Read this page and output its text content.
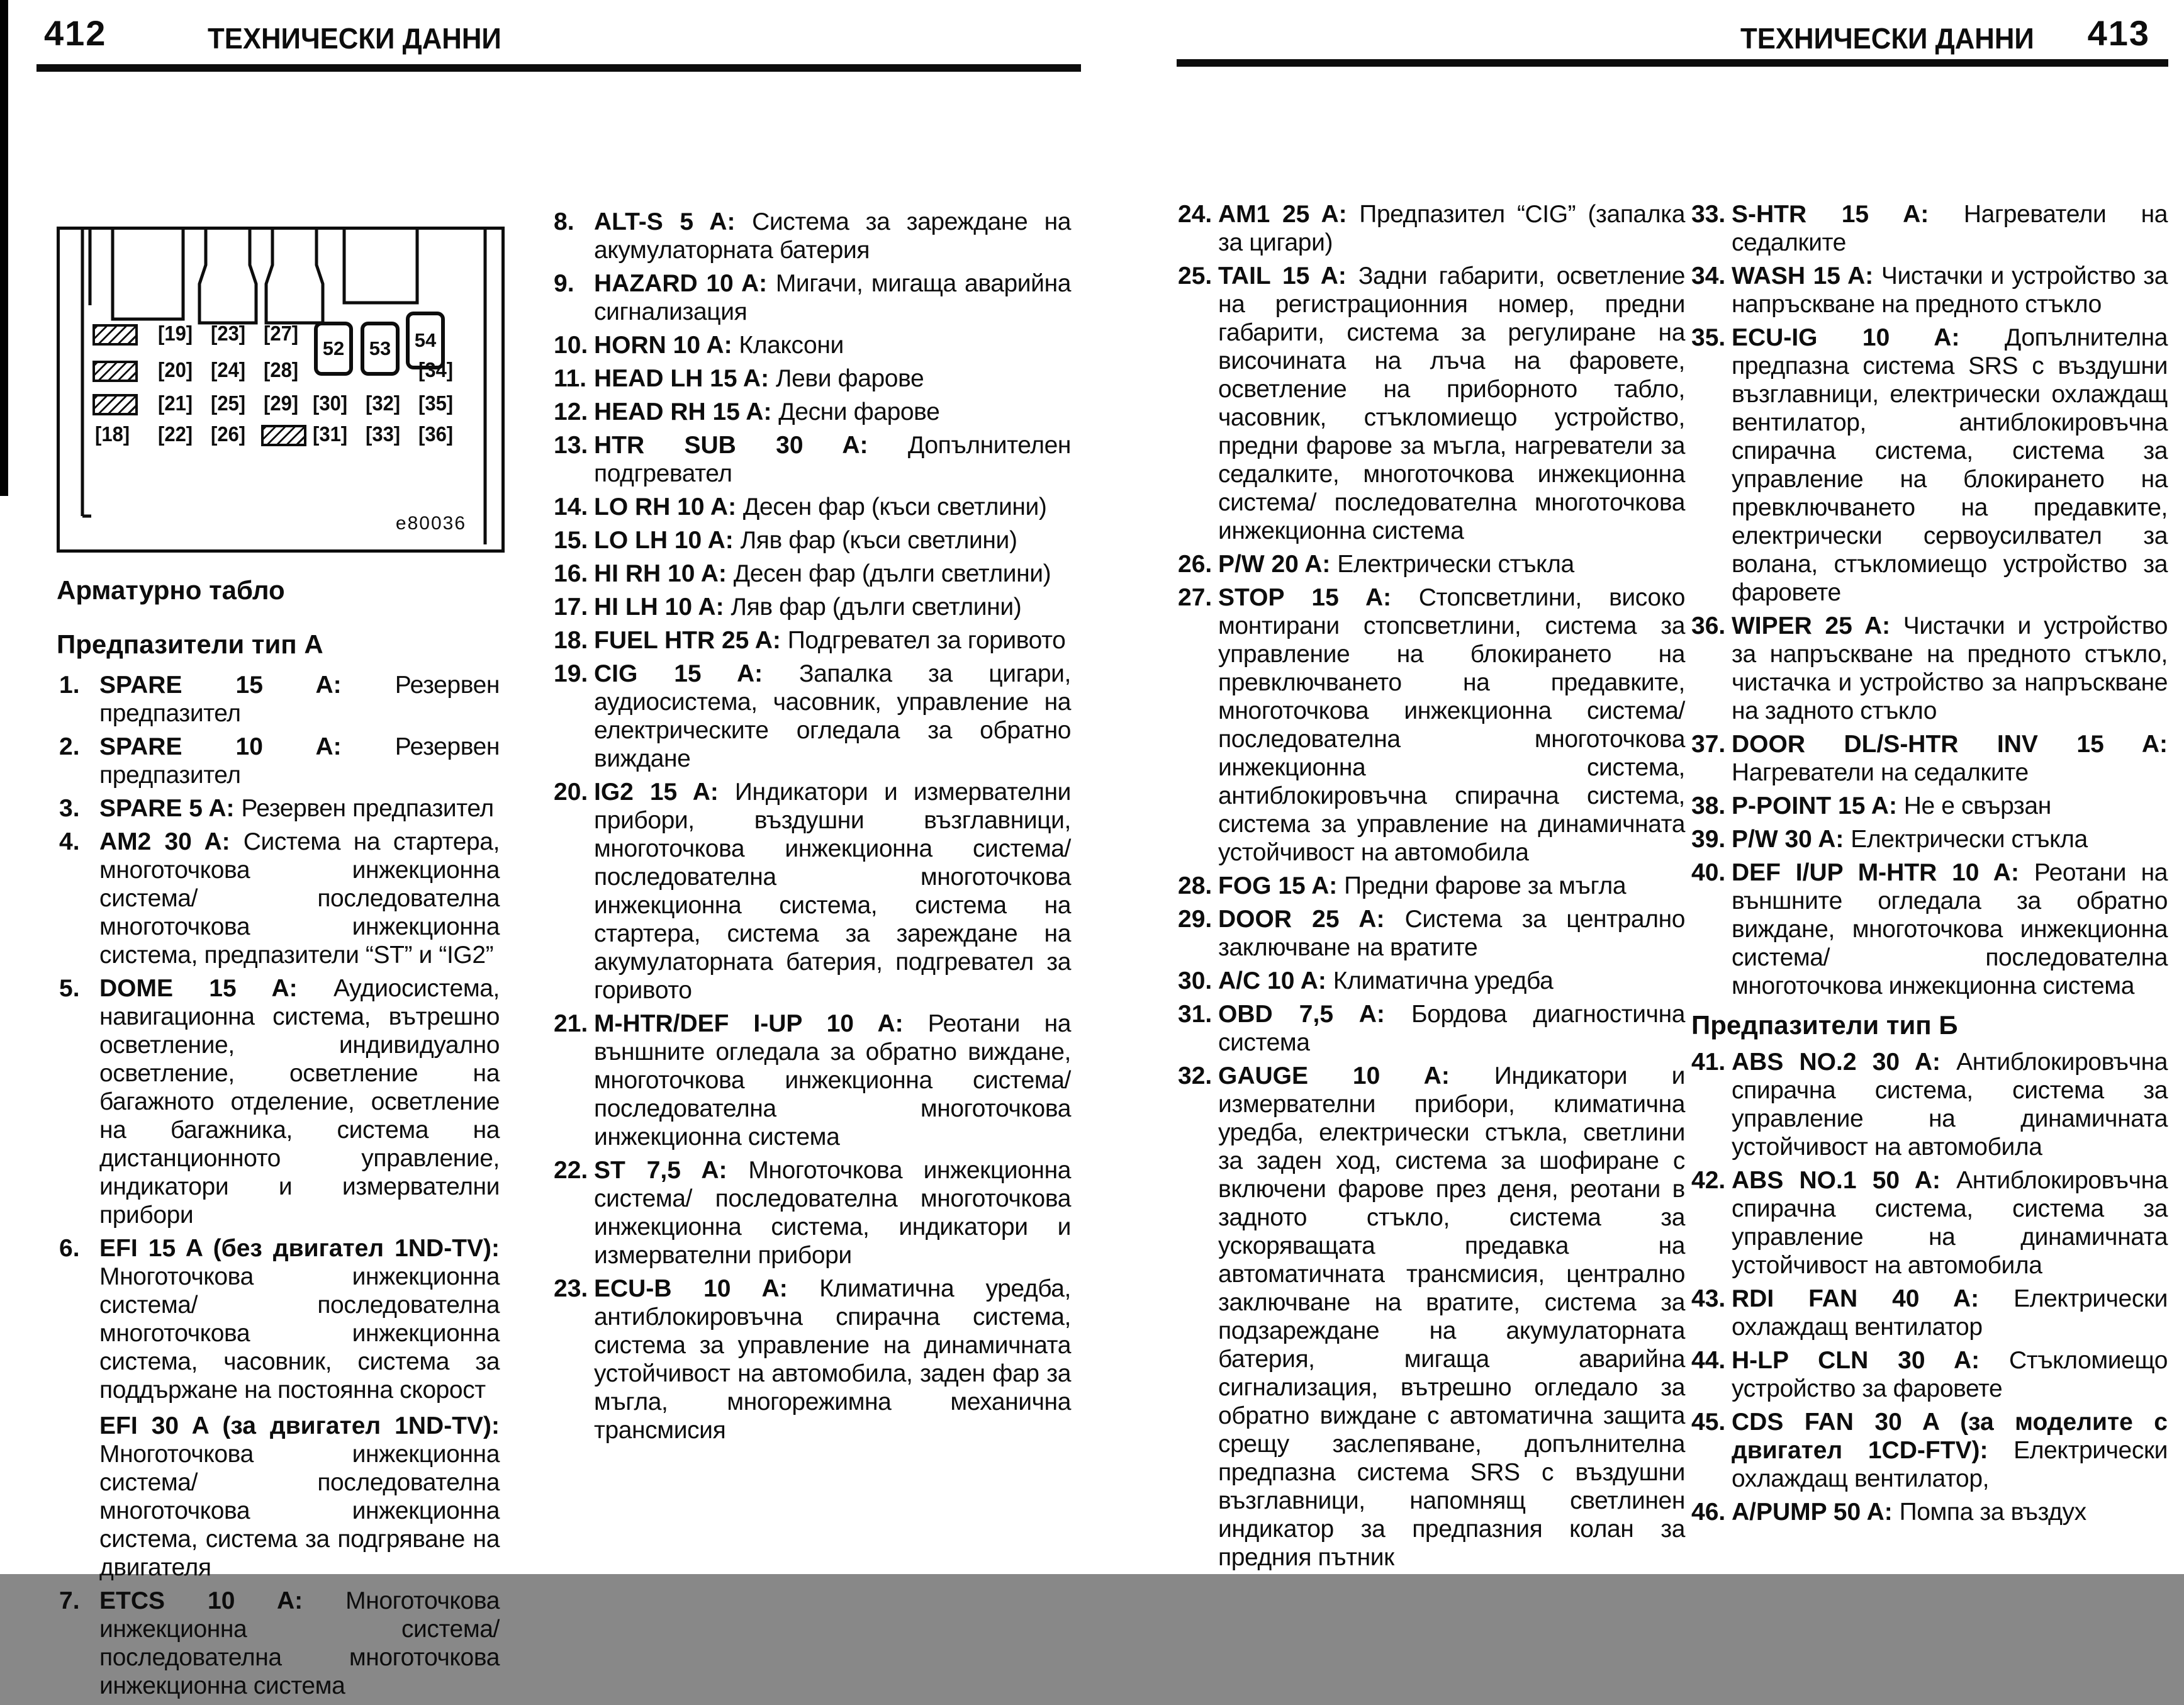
412	ТЕХНИЧЕСКИ ДАННИ	ТЕХНИЧЕСКИ ДАННИ 413
[19] [23] [27]
[20] [24] [28]	[34]
[21] [25] [29] [30] [32] [35]
[18] [22] [26]	[31] [33] [36]
52	53	54
e80036
Арматурно табло
Предпазители тип А
1. SPARE 15 A: Резервен предпазител
2. SPARE 10 A: Резервен предпазител
3. SPARE 5 A: Резервен предпазител
4. AM2 30 A: Система на стартера, многоточкова инжекционна система/ последователна многоточкова инжекционна система, предпазители “ST” и “IG2”
5. DOME 15 A: Аудиосистема, навигационна система, вътрешно осветление, индивидуално осветление, осветление на багажното отделение, осветление на багажника, система на дистанционното управление, индикатори и измервателни прибори
6. EFI 15 A (без двигател 1ND-TV): Многоточкова инжекционна система/ последователна многоточкова инжекционна система, часовник, система за поддържане на постоянна скорост
EFI 30 A (за двигател 1ND-TV): Многоточкова инжекционна система/ последователна многоточкова инжекционна система, система за подгряване на двигателя
7. ETCS 10 A: Многоточкова инжекционна система/ последователна многоточкова инжекционна система
8. ALT-S 5 A: Система за зареждане на акумулаторната батерия
9. HAZARD 10 A: Мигачи, мигаща аварийна сигнализация
10. HORN 10 A: Клаксони
11. HEAD LH 15 A: Леви фарове
12. HEAD RH 15 A: Десни фарове
13. HTR SUB 30 A: Допълнителен подгревател
14. LO RH 10 A: Десен фар (къси светлини)
15. LO LH 10 A: Ляв фар (къси светлини)
16. HI RH 10 A: Десен фар (дълги светлини)
17. HI LH 10 A: Ляв фар (дълги светлини)
18. FUEL HTR 25 A: Подгревател за горивото
19. CIG 15 A: Запалка за цигари, аудиосистема, часовник, управление на електрическите огледала за обратно виждане
20. IG2 15 A: Индикатори и измервателни прибори, въздушни възглавници, многоточкова инжекционна система/ последователна многоточкова инжекционна система, система на стартера, система за зареждане на акумулаторната батерия, подгревател за горивото
21. M-HTR/DEF I-UP 10 A: Реотани на външните огледала за обратно виждане, многоточкова инжекционна система/ последователна многоточкова инжекционна система
22. ST 7,5 A: Многоточкова инжекционна система/ последователна многоточкова инжекционна система, индикатори и измервателни прибори
23. ECU-B 10 A: Климатична уредба, антиблокировъчна спирачна система, система за управление на динамичната устойчивост на автомобила, заден фар за мъгла, многорежимна механична трансмисия
24. AM1 25 A: Предпазител “CIG” (запалка за цигари)
25. TAIL 15 A: Задни габарити, осветление на регистрационния номер, предни габарити, система за регулиране на височината на лъча на фаровете, осветление на приборното табло, часовник, стъкломиещо устройство, предни фарове за мъгла, нагреватели за седалките, многоточкова инжекционна система/ последователна многоточкова инжекционна система
26. P/W 20 A: Електрически стъкла
27. STOP 15 A: Стопсветлини, високо монтирани стопсветлини, система за управление на блокирането на превключването на предавките, многоточкова инжекционна система/ последователна многоточкова инжекционна система, антиблокировъчна спирачна система, система за управление на динамичната устойчивост на автомобила
28. FOG 15 A: Предни фарове за мъгла
29. DOOR 25 A: Система за централно заключване на вратите
30. A/C 10 A: Климатична уредба
31. OBD 7,5 A: Бордова диагностична система
32. GAUGE 10 A: Индикатори и измервателни прибори, климатична уредба, електрически стъкла, светлини за заден ход, система за шофиране с включени фарове през деня, реотани в задното стъкло, система за ускоряващата предавка на автоматичната трансмисия, централно заключване на вратите, система за подзареждане на акумулаторната батерия, мигаща аварийна сигнализация, вътрешно огледало за обратно виждане с автоматична защита срещу заслепяване, допълнителна предпазна система SRS с въздушни възглавници, напомнящ светлинен индикатор за предпазния колан за предния пътник
33. S-HTR 15 A: Нагреватели на седалките
34. WASH 15 A: Чистачки и устройство за напръскване на предното стъкло
35. ECU-IG 10 A: Допълнителна предпазна система SRS с въздушни възглавници, електрически охлаждащ вентилатор, антиблокировъчна спирачна система, система за управление на блокирането на превключването на предавките, електрически сервоусилвател за волана, стъкломиещо устройство за фаровете
36. WIPER 25 A: Чистачки и устройство за напръскване на предното стъкло, чистачка и устройство за напръскване на задното стъкло
37. DOOR DL/S-HTR INV 15 A: Нагреватели на седалките
38. P-POINT 15 A: Не е свързан
39. P/W 30 A: Електрически стъкла
40. DEF I/UP M-HTR 10 A: Реотани на външните огледала за обратно виждане, многоточкова инжекционна система/ последователна многоточкова инжекционна система
Предпазители тип Б
41. ABS NO.2 30 A: Антиблокировъчна спирачна система, система за управление на динамичната устойчивост на автомобила
42. ABS NO.1 50 A: Антиблокировъчна спирачна система, система за управление на динамичната устойчивост на автомобила
43. RDI FAN 40 A: Електрически охлаждащ вентилатор
44. H-LP CLN 30 A: Стъкломиещо устройство за фаровете
45. CDS FAN 30 A (за моделите с двигател 1CD-FTV): Електрически охлаждащ вентилатор,
46. A/PUMP 50 A: Помпа за въздух
